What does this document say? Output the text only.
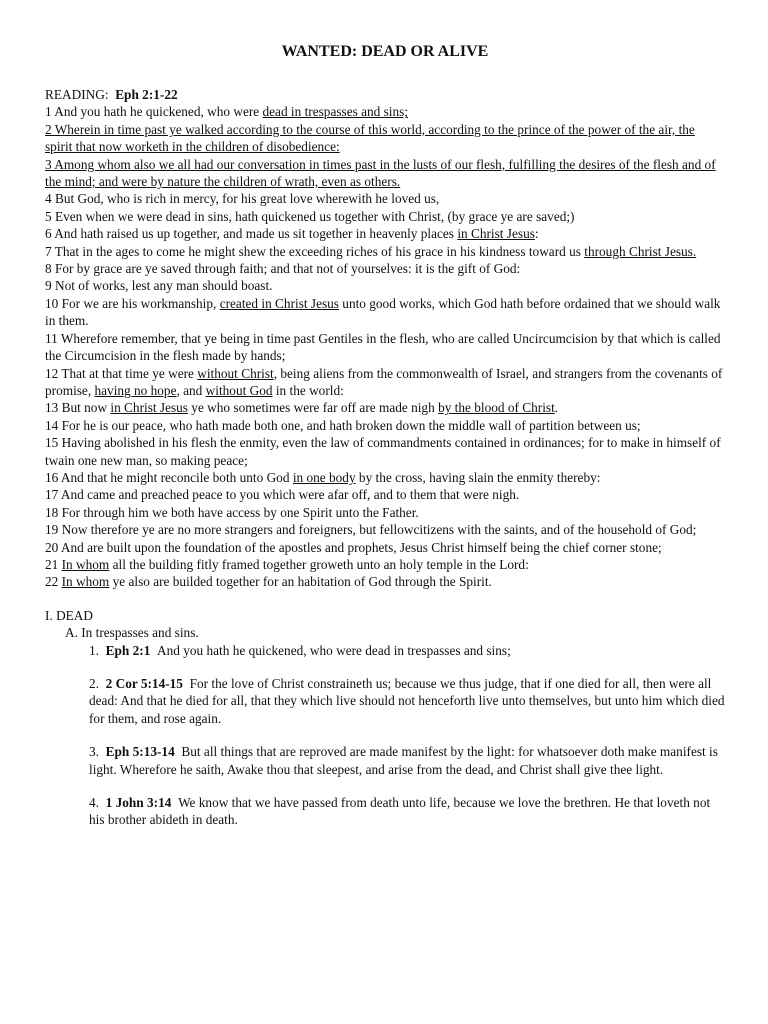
WANTED: DEAD OR ALIVE
READING: Eph 2:1-22
1 And you hath he quickened, who were dead in trespasses and sins;
2 Wherein in time past ye walked according to the course of this world, according to the prince of the power of the air, the spirit that now worketh in the children of disobedience:
3 Among whom also we all had our conversation in times past in the lusts of our flesh, fulfilling the desires of the flesh and of the mind; and were by nature the children of wrath, even as others.
4 But God, who is rich in mercy, for his great love wherewith he loved us,
5 Even when we were dead in sins, hath quickened us together with Christ, (by grace ye are saved;)
6 And hath raised us up together, and made us sit together in heavenly places in Christ Jesus:
7 That in the ages to come he might shew the exceeding riches of his grace in his kindness toward us through Christ Jesus.
8 For by grace are ye saved through faith; and that not of yourselves: it is the gift of God:
9 Not of works, lest any man should boast.
10 For we are his workmanship, created in Christ Jesus unto good works, which God hath before ordained that we should walk in them.
11 Wherefore remember, that ye being in time past Gentiles in the flesh, who are called Uncircumcision by that which is called the Circumcision in the flesh made by hands;
12 That at that time ye were without Christ, being aliens from the commonwealth of Israel, and strangers from the covenants of promise, having no hope, and without God in the world:
13 But now in Christ Jesus ye who sometimes were far off are made nigh by the blood of Christ.
14 For he is our peace, who hath made both one, and hath broken down the middle wall of partition between us;
15 Having abolished in his flesh the enmity, even the law of commandments contained in ordinances; for to make in himself of twain one new man, so making peace;
16 And that he might reconcile both unto God in one body by the cross, having slain the enmity thereby:
17 And came and preached peace to you which were afar off, and to them that were nigh.
18 For through him we both have access by one Spirit unto the Father.
19 Now therefore ye are no more strangers and foreigners, but fellowcitizens with the saints, and of the household of God;
20 And are built upon the foundation of the apostles and prophets, Jesus Christ himself being the chief corner stone;
21 In whom all the building fitly framed together groweth unto an holy temple in the Lord:
22 In whom ye also are builded together for an habitation of God through the Spirit.
I. DEAD
A. In trespasses and sins.
1. Eph 2:1 And you hath he quickened, who were dead in trespasses and sins;
2. 2 Cor 5:14-15 For the love of Christ constraineth us; because we thus judge, that if one died for all, then were all dead: And that he died for all, that they which live should not henceforth live unto themselves, but unto him which died for them, and rose again.
3. Eph 5:13-14 But all things that are reproved are made manifest by the light: for whatsoever doth make manifest is light. Wherefore he saith, Awake thou that sleepest, and arise from the dead, and Christ shall give thee light.
4. 1 John 3:14 We know that we have passed from death unto life, because we love the brethren. He that loveth not his brother abideth in death.
